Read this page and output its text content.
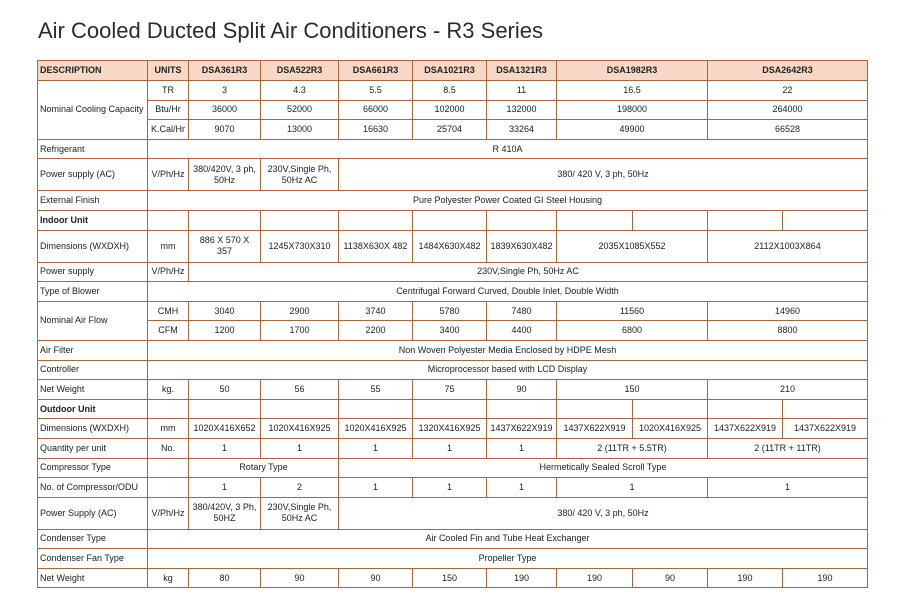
Air Cooled Ducted Split Air Conditioners - R3 Series
DESCRIPTION	UNITS	DSA361R3	DSA522R3	DSA661R3	DSA1021R3	DSA1321R3	DSA1982R3		DSA2642R3	
Nominal Cooling Capacity	TR	3	4.3	5.5	8.5	11	16.5		22	
	Btu/Hr	36000	52000	66000	102000	132000	198000		264000	
	K.Cal/Hr	9070	13000	16630	25704	33264	49900		66528	
Refrigerant	R 410A									
Power supply (AC)	V/Ph/Hz	380/420V, 3 ph, 50Hz	230V,Single Ph, 50Hz AC	380/ 420 V, 3 ph, 50Hz						
External Finish	Pure Polyester Power Coated GI Steel Housing									
Indoor Unit										
Dimensions (WXDXH)	mm	886 X 570 X 357	1245X730X310	1138X630X 482	1484X630X482	1839X630X482	2035X1085X552		2112X1003X864	
Power supply	V/Ph/Hz	230V,Single Ph, 50Hz AC								
Type of Blower	Centrifugal Forward Curved, Double Inlet, Double Width									
Nominal Air Flow	CMH	3040	2900	3740	5780	7480	11560		14960	
	CFM	1200	1700	2200	3400	4400	6800		8800	
Air Filter	Non Woven Polyester Media Enclosed by HDPE Mesh									
Controller	Microprocessor based with LCD Display									
Net Weight	kg.	50	56	55	75	90	150		210	
Outdoor Unit										
Dimensions (WXDXH)	mm	1020X416X652	1020X416X925	1020X416X925	1320X416X925	1437X622X919	1437X622X919	1020X416X925	1437X622X919	1437X622X919
Quantity per unit	No.	1	1	1	1	1	2 (11TR + 5.5TR)		2 (11TR + 11TR)	
Compressor Type		Rotary Type		Hermetically Sealed Scroll Type						
No. of Compressor/ODU		1	2	1	1	1	1		1	
Power Supply (AC)	V/Ph/Hz	380/420V, 3 Ph, 50HZ	230V,Single Ph, 50Hz AC	380/ 420 V, 3 ph, 50Hz						
Condenser Type	Air Cooled Fin and Tube Heat Exchanger									
Condenser Fan Type	Propeller Type									
Net Weight	kg	80	90	90	150	190	190	90	190	190
